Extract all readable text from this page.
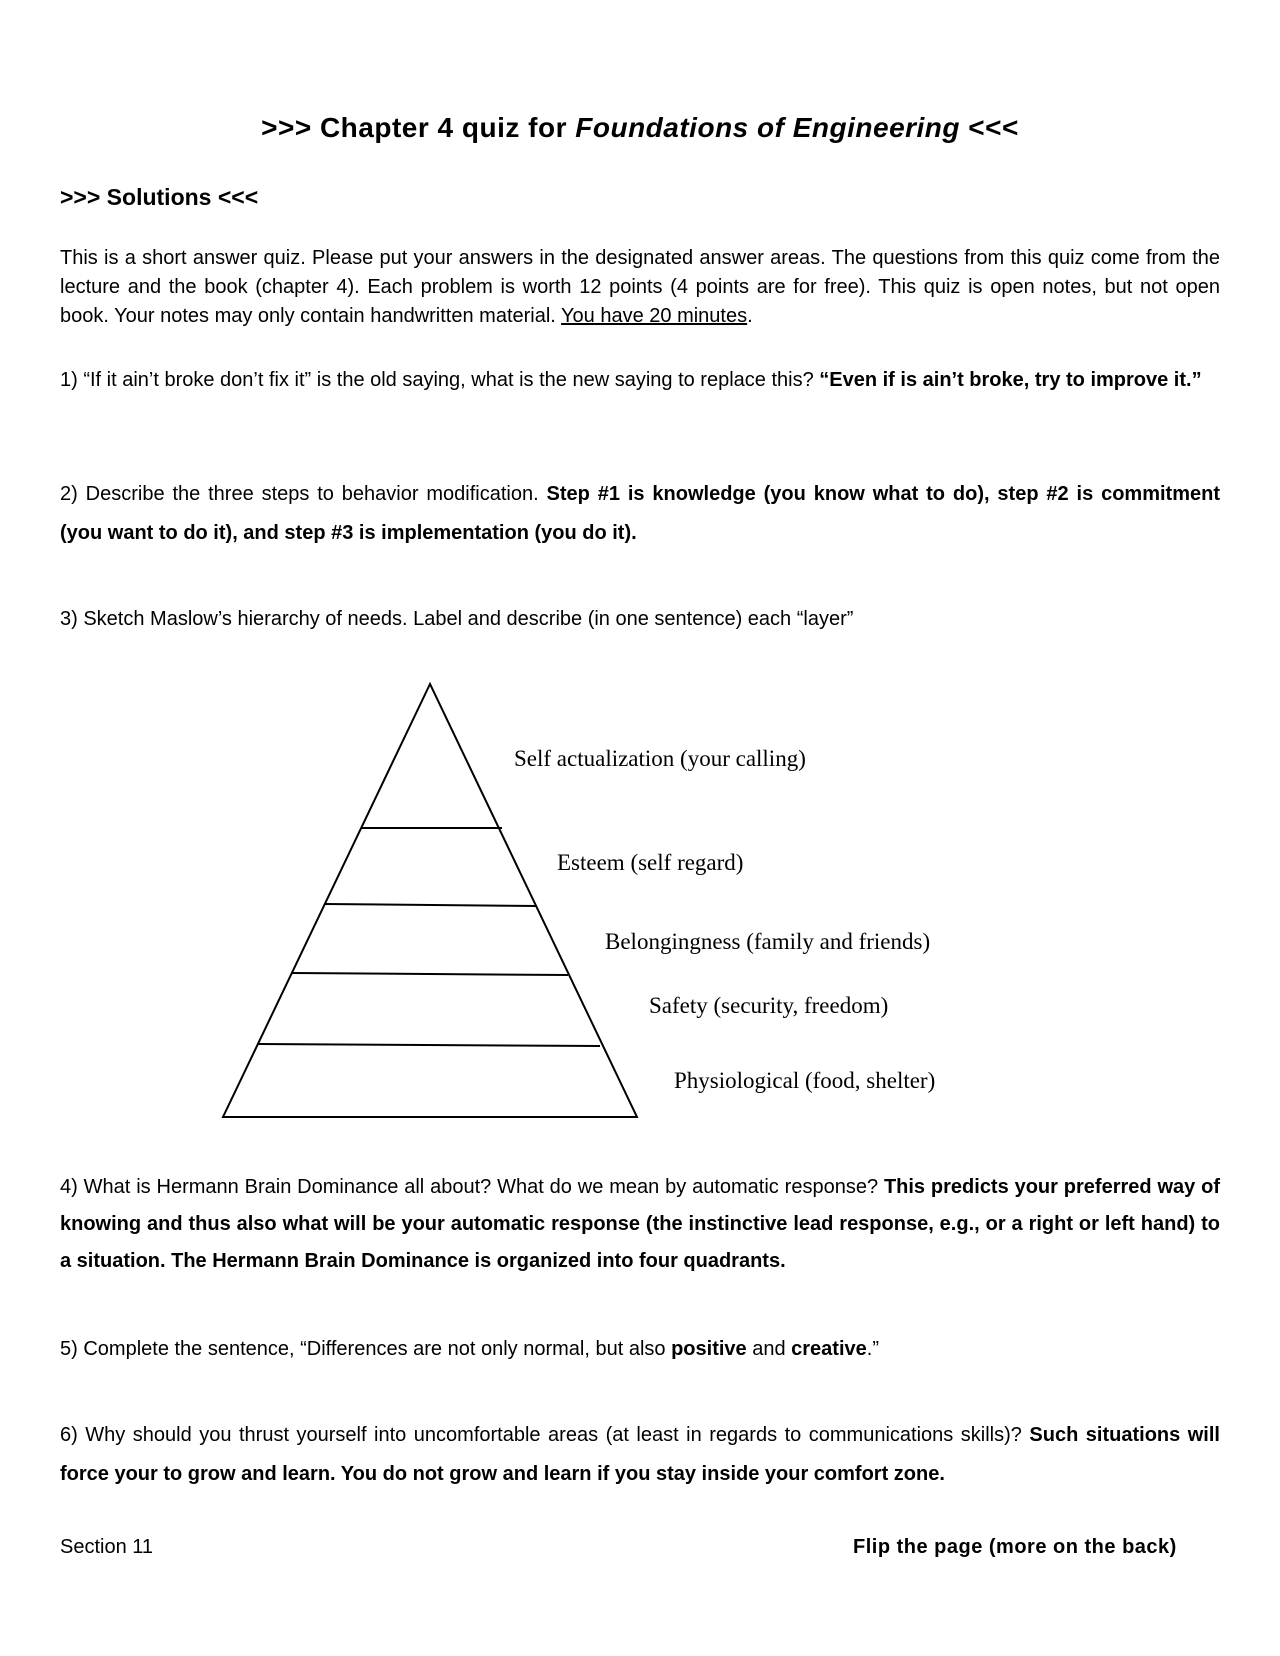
>>> Chapter 4 quiz for Foundations of Engineering <<<
>>> Solutions <<<
This is a short answer quiz. Please put your answers in the designated answer areas. The questions from this quiz come from the lecture and the book (chapter 4). Each problem is worth 12 points (4 points are for free). This quiz is open notes, but not open book. Your notes may only contain handwritten material. You have 20 minutes.
1) “If it ain’t broke don’t fix it” is the old saying, what is the new saying to replace this? “Even if is ain’t broke, try to improve it.”
2) Describe the three steps to behavior modification. Step #1 is knowledge (you know what to do), step #2 is commitment (you want to do it), and step #3 is implementation (you do it).
3) Sketch Maslow’s hierarchy of needs. Label and describe (in one sentence) each “layer”
Self actualization (your calling)
Esteem (self regard)
Belongingness (family and friends)
Safety (security, freedom)
Physiological (food, shelter)
4) What is Hermann Brain Dominance all about? What do we mean by automatic response? This predicts your preferred way of knowing and thus also what will be your automatic response (the instinctive lead response, e.g., or a right or left hand) to a situation. The Hermann Brain Dominance is organized into four quadrants.
5) Complete the sentence, “Differences are not only normal, but also positive and creative.”
6) Why should you thrust yourself into uncomfortable areas (at least in regards to communications skills)? Such situations will force your to grow and learn. You do not grow and learn if you stay inside your comfort zone.
Section 11	Flip the page (more on the back)
